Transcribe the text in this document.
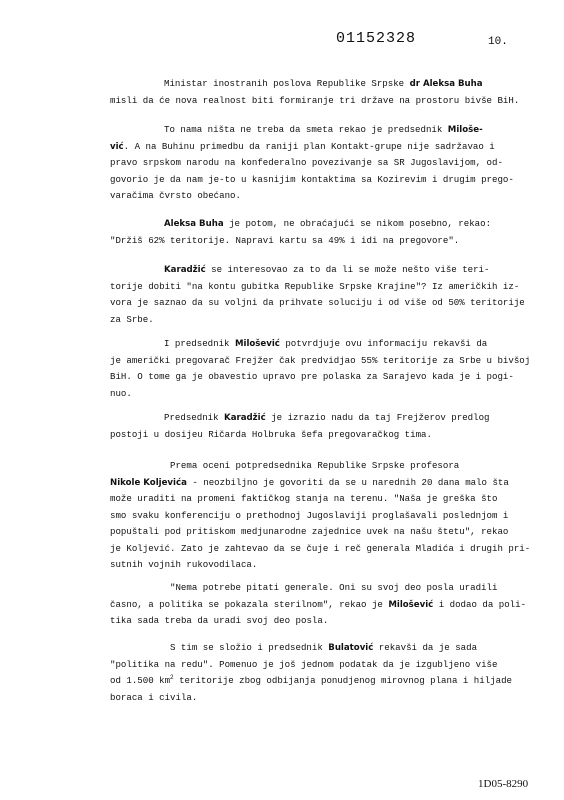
01152328	10.
Ministar inostranih poslova Republike Srpske dr Aleksa Buha
misli da će nova realnost biti formiranje tri države na prostoru bivše BiH.
To nama ništa ne treba da smeta rekao je predsednik Milošе-
vić. A na Buhinu primedbu da raniji plan Kontakt-grupe nije sadržavao i
pravo srpskom narodu na konfederalno povezivanje sa SR Jugoslavijom, od-
govorio je da nam je-to u kasnijim kontaktima sa Kozirevim i drugim prego-
varačima čvrsto obećano.
Aleksa Buha je potom, ne obraćajući se nikom posebno, rekao:
"Držiš 62% teritorije. Napravi kartu sa 49% i idi na pregovore".
Karadžić se interesovao za to da li se može nešto više teri-
torije dobiti "nа kontu gubitka Republike Srpske Krajine"? Iz američkih iz-
vora je saznao da su voljni da prihvate soluciju i od više od 50% teritorije
za Srbe.
I predsednik Milošević potvrdjuje ovu informaciju rekavši da
je američki pregovarač Frejžer čak predvidjao 55% teritorije za Srbe u bivšoj
BiH. O tome ga je obavestio upravo pre polaska za Sarajevo kada je i pogi-
nuo.
Predsednik Karadžić je izrazio nadu da taj Frejžerov predlog
postoji u dosijeu Ričarda Holbruka šefa pregovaračkog tima.
Prema oceni potpredsednika Republike Srpske profesora
Nikole Koljevića - neozbiljno je govoriti da se u narednih 20 dana malo šta
može uraditi na promeni faktičkog stanja na terenu. "Naša je greška što
smo svaku konferenciju o prethodnoj Jugoslaviji proglašavali poslednjom i
popuštali pod pritiskom medjunarodne zajednice uvek na našu štetu", rekao
je Koljević. Zato je zahtevao da se čuje i reč generala Mladića i drugih pri-
sutnih vojnih rukovodilaca.
"Nema potrebe pitati generale. Oni su svoj deo posla uradili
časno, a politika se pokazala sterilnom", rekao je Milošević i dodao da poli-
tika sada treba da uradi svoj deo posla.
S tim se složio i predsednik Bulatović rekavši da je sada
"politika na redu". Pomenuo je još jednom podatak da je izgubljeno više
od 1.500 $km^2$ teritorije zbog odbijanja ponudjenog mirovnog plana i hiljade
boraca i civila.
1D05-8290
